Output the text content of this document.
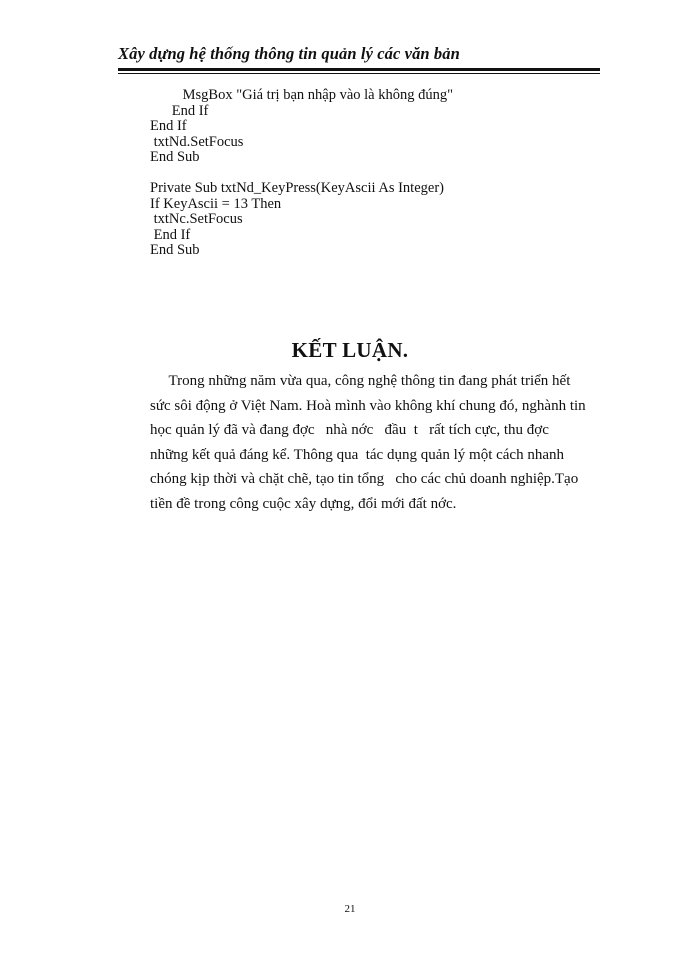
Xây dựng hệ thống thông tin quản lý các văn bản
MsgBox "Giá trị bạn nhập vào là không đúng"
End If
End If
txtNd.SetFocus
End Sub
Private Sub txtNd_KeyPress(KeyAscii As Integer)
If KeyAscii = 13 Then
txtNc.SetFocus
End If
End Sub
KẾT LUẬN.
Trong những năm vừa qua, công nghệ thông tin đang phát triển hết
sức sôi động ở Việt Nam. Hoà mình vào không khí chung đó, nghành tin
học quản lý đã và đang đợc   nhà nớc   đầu  t   rất tích cực, thu đợc
những kết quả đáng kể. Thông qua  tác dụng quản lý một cách nhanh
chóng kịp thời và chặt chẽ, tạo tin tổng   cho các chủ doanh nghiệp.Tạo
tiền đề trong công cuộc xây dựng, đổi mới đất nớc.
21
